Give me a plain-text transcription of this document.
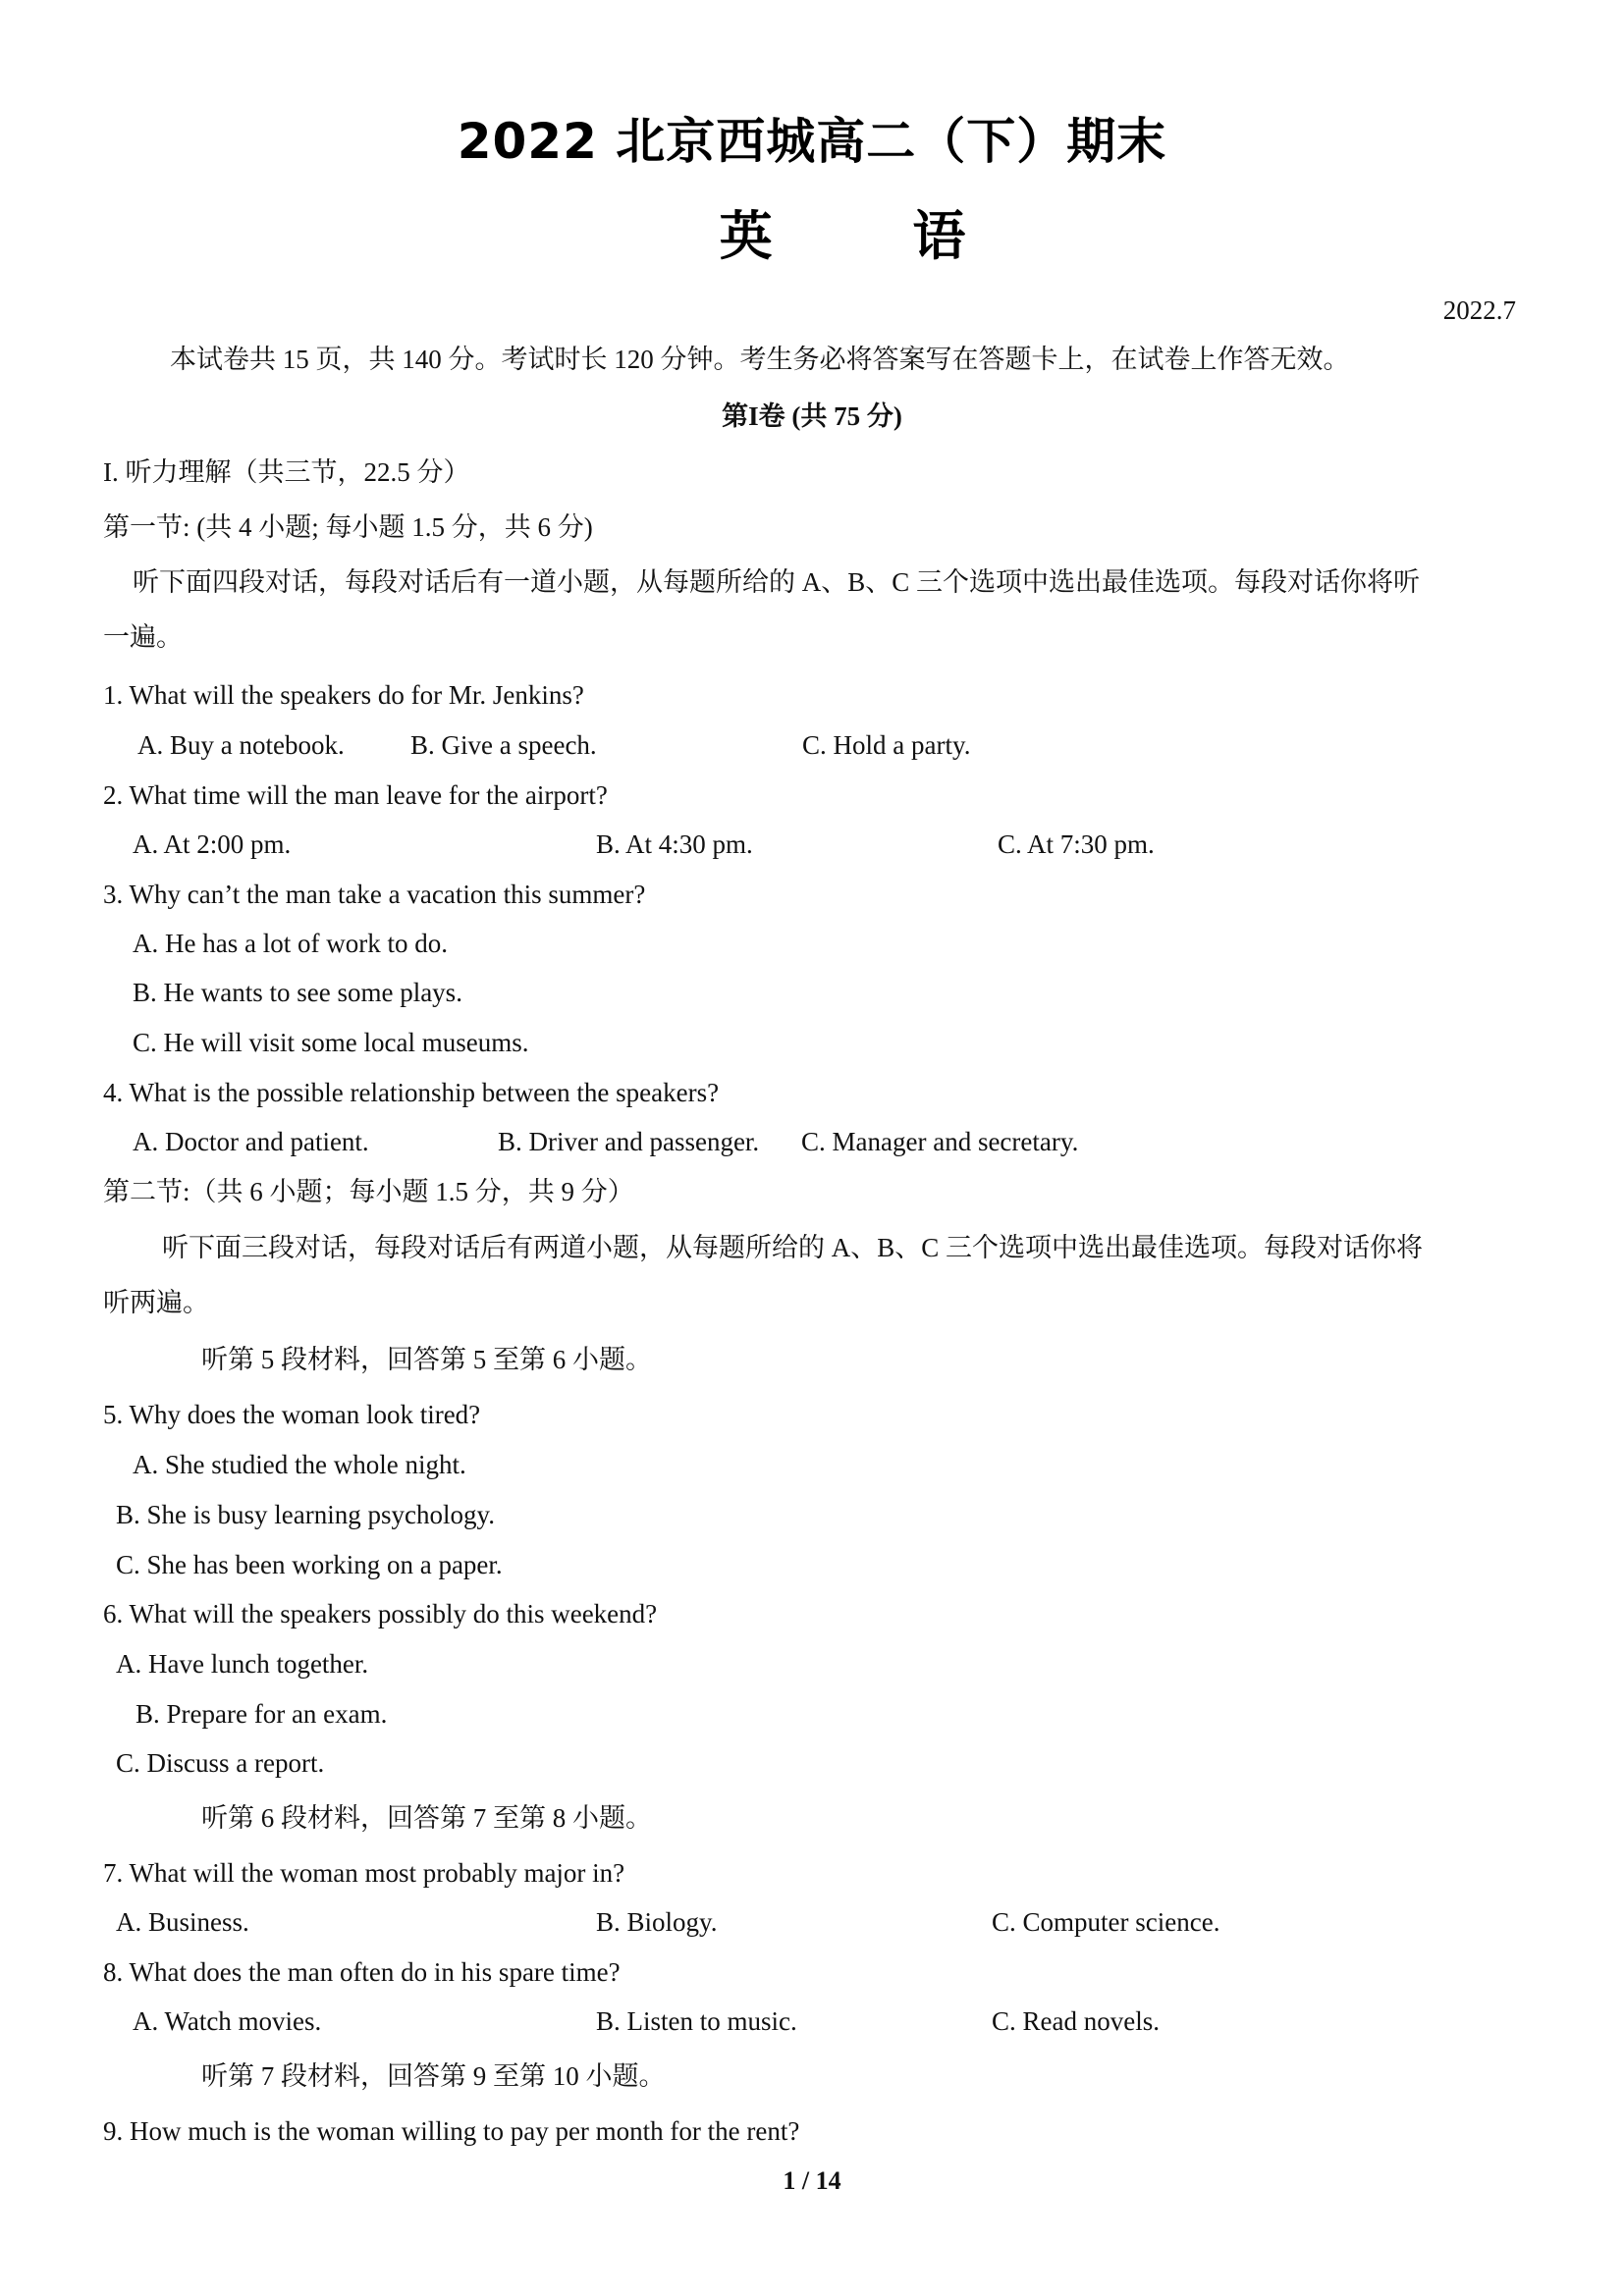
2022 北京西城高二（下）期末
英 语
2022.7
本试卷共 15 页，共 140 分。考试时长 120 分钟。考生务必将答案写在答题卡上，在试卷上作答无效。
第I卷 (共 75 分)
I. 听力理解（共三节，22.5 分）
第一节: (共 4 小题; 每小题 1.5 分，共 6 分)
听下面四段对话，每段对话后有一道小题，从每题所给的 A、B、C 三个选项中选出最佳选项。每段对话你将听
一遍。
1. What will the speakers do for Mr. Jenkins?
A. Buy a notebook. B. Give a speech.	C. Hold a party.
2. What time will the man leave for the airport?
A. At 2:00 pm.	B. At 4:30 pm.	C. At 7:30 pm.
3. Why can’t the man take a vacation this summer?
A. He has a lot of work to do.
B. He wants to see some plays.
C. He will visit some local museums.
4. What is the possible relationship between the speakers?
A. Doctor and patient.	B. Driver and passenger. C. Manager and secretary.
第二节:（共 6 小题；每小题 1.5 分，共 9 分）
听下面三段对话，每段对话后有两道小题，从每题所给的 A、B、C 三个选项中选出最佳选项。每段对话你将
听两遍。
听第 5 段材料，回答第 5 至第 6 小题。
5. Why does the woman look tired?
A. She studied the whole night.
B. She is busy learning psychology.
C. She has been working on a paper.
6. What will the speakers possibly do this weekend?
A. Have lunch together.
B. Prepare for an exam.
C. Discuss a report.
听第 6 段材料，回答第 7 至第 8 小题。
7. What will the woman most probably major in?
A. Business.	B. Biology.	C. Computer science.
8. What does the man often do in his spare time?
A. Watch movies.	B. Listen to music.	C. Read novels.
听第 7 段材料，回答第 9 至第 10 小题。
9. How much is the woman willing to pay per month for the rent?
1 / 14
